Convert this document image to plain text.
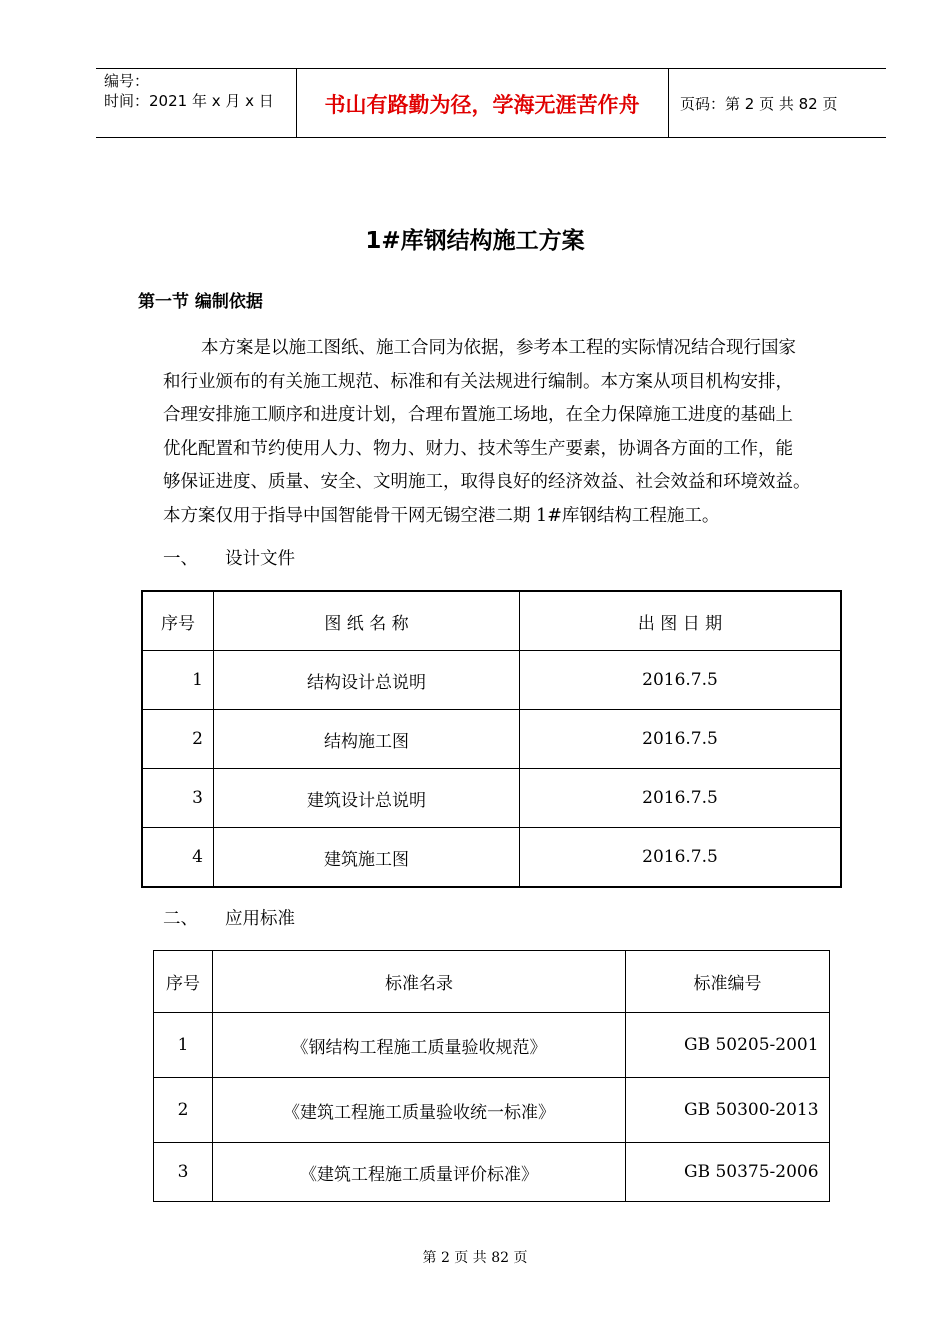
编号：
时间：2021 年 x 月 x 日	书山有路勤为径，学海无涯苦作舟	页码：第 2 页 共 82 页
1#库钢结构施工方案
第一节 编制依据
本方案是以施工图纸、施工合同为依据，参考本工程的实际情况结合现行国家
和行业颁布的有关施工规范、标准和有关法规进行编制。本方案从项目机构安排，
合理安排施工顺序和进度计划，合理布置施工场地，在全力保障施工进度的基础上
优化配置和节约使用人力、物力、财力、技术等生产要素，协调各方面的工作，能
够保证进度、质量、安全、文明施工，取得良好的经济效益、社会效益和环境效益。
本方案仅用于指导中国智能骨干网无锡空港二期 1#库钢结构工程施工。
一、 设计文件
序号	图 纸 名 称	出 图 日 期
1	结构设计总说明	2016.7.5
2	结构施工图	2016.7.5
3	建筑设计总说明	2016.7.5
4	建筑施工图	2016.7.5
二、 应用标准
序号	标准名录	标准编号
1	《钢结构工程施工质量验收规范》	GB 50205-2001
2	《建筑工程施工质量验收统一标准》	GB 50300-2013
3	《建筑工程施工质量评价标准》	GB 50375-2006
第 2 页 共 82 页
